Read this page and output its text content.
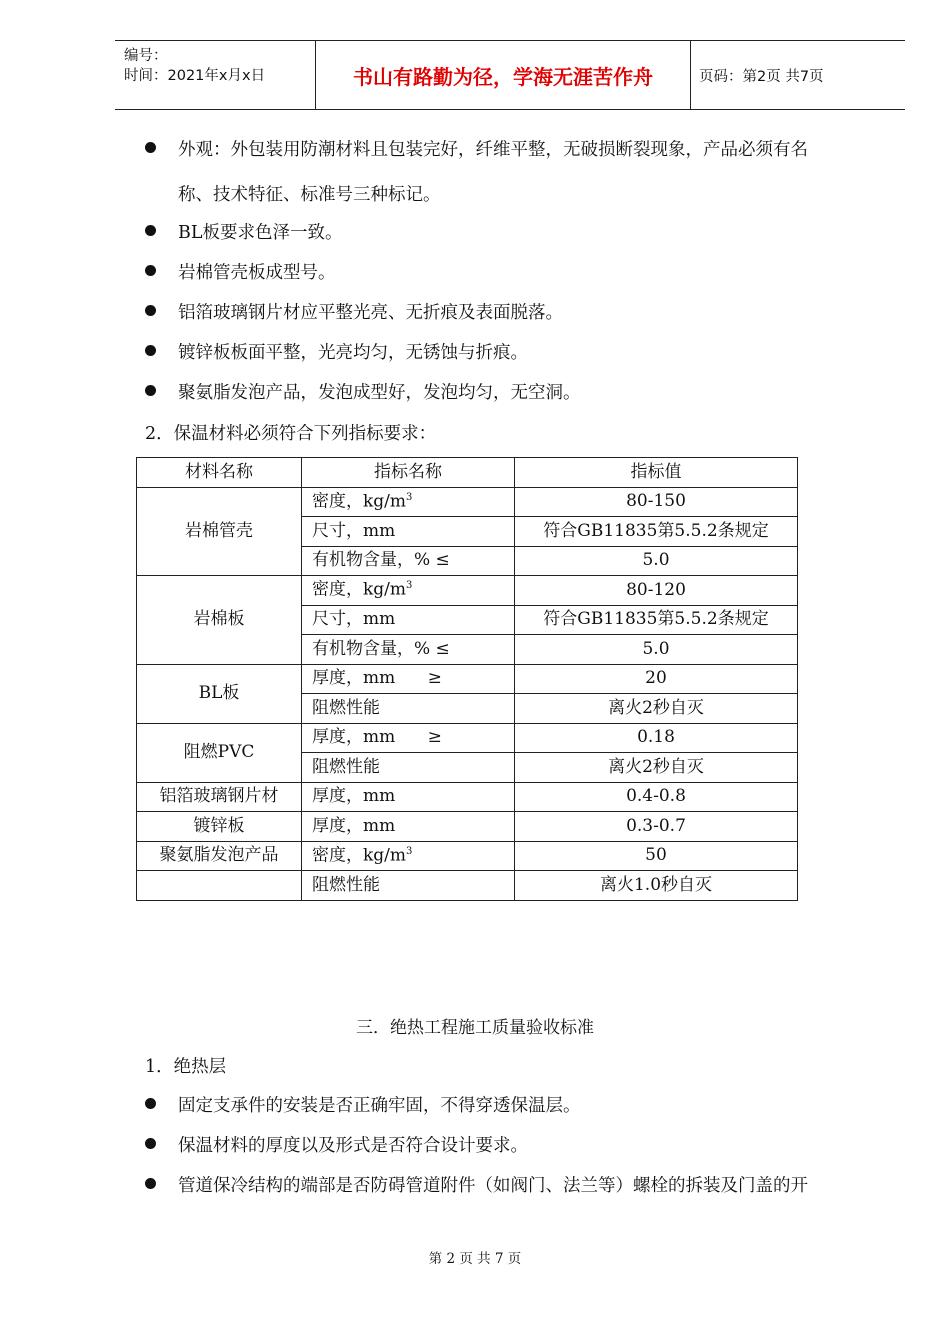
编号：
时间：2021年x月x日	书山有路勤为径，学海无涯苦作舟	页码：第2页 共7页
外观：外包装用防潮材料且包装完好，纤维平整，无破损断裂现象，产品必须有名
称、技术特征、标准号三种标记。
BL板要求色泽一致。
岩棉管壳板成型号。
铝箔玻璃钢片材应平整光亮、无折痕及表面脱落。
镀锌板板面平整，光亮均匀，无锈蚀与折痕。
聚氨脂发泡产品，发泡成型好，发泡均匀，无空洞。
2．保温材料必须符合下列指标要求：
材料名称	指标名称	指标值
岩棉管壳	密度，$kg/m^3$	80-150
	尺寸，mm	符合GB11835第5.5.2条规定
	有机物含量，% ≤	5.0
岩棉板	密度，$kg/m^3$	80-120
	尺寸，mm	符合GB11835第5.5.2条规定
	有机物含量，% ≤	5.0
BL板	厚度，mm      ≥	20
	阻燃性能	离火2秒自灭
阻燃PVC	厚度，mm      ≥	0.18
	阻燃性能	离火2秒自灭
铝箔玻璃钢片材	厚度，mm	0.4-0.8
镀锌板	厚度，mm	0.3-0.7
聚氨脂发泡产品	密度，$kg/m^3$	50
	阻燃性能	离火1.0秒自灭
三．绝热工程施工质量验收标准
1．绝热层
固定支承件的安装是否正确牢固，不得穿透保温层。
保温材料的厚度以及形式是否符合设计要求。
管道保冷结构的端部是否防碍管道附件（如阀门、法兰等）螺栓的拆装及门盖的开
第 2 页 共 7 页
